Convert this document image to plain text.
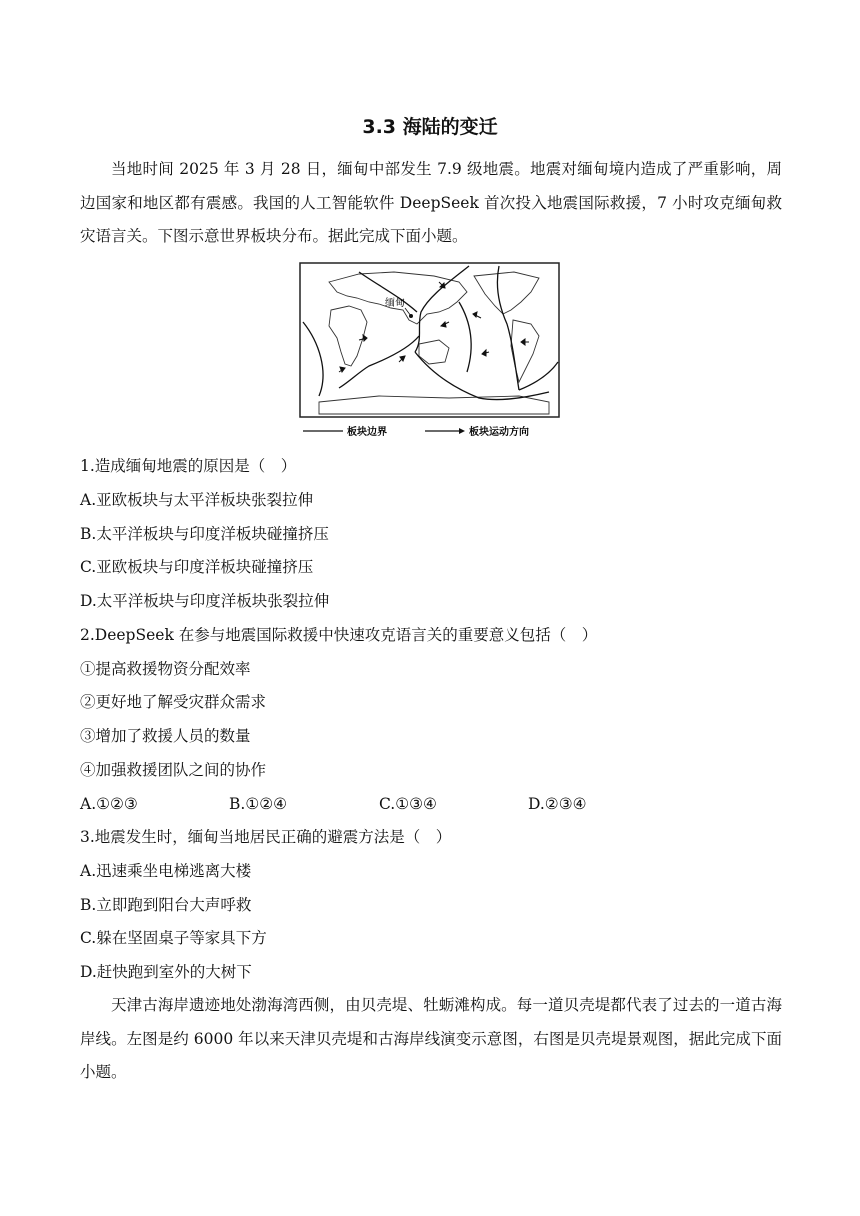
3.3 海陆的变迁

当地时间 2025 年 3 月 28 日，缅甸中部发生 7.9 级地震。地震对缅甸境内造成了严重影响，周边国家和地区都有震感。我国的人工智能软件 DeepSeek 首次投入地震国际救援，7 小时攻克缅甸救灾语言关。下图示意世界板块分布。据此完成下面小题。

缅甸
板块边界	板块运动方向

1.造成缅甸地震的原因是（　）

A.亚欧板块与太平洋板块张裂拉伸

B.太平洋板块与印度洋板块碰撞挤压

C.亚欧板块与印度洋板块碰撞挤压

D.太平洋板块与印度洋板块张裂拉伸

2.DeepSeek 在参与地震国际救援中快速攻克语言关的重要意义包括（　）

①提高救援物资分配效率

②更好地了解受灾群众需求

③增加了救援人员的数量

④加强救援团队之间的协作

A.①②③	B.①②④	C.①③④	D.②③④

3.地震发生时，缅甸当地居民正确的避震方法是（　）

A.迅速乘坐电梯逃离大楼

B.立即跑到阳台大声呼救

C.躲在坚固桌子等家具下方

D.赶快跑到室外的大树下

天津古海岸遗迹地处渤海湾西侧，由贝壳堤、牡蛎滩构成。每一道贝壳堤都代表了过去的一道古海岸线。左图是约 6000 年以来天津贝壳堤和古海岸线演变示意图，右图是贝壳堤景观图，据此完成下面小题。
